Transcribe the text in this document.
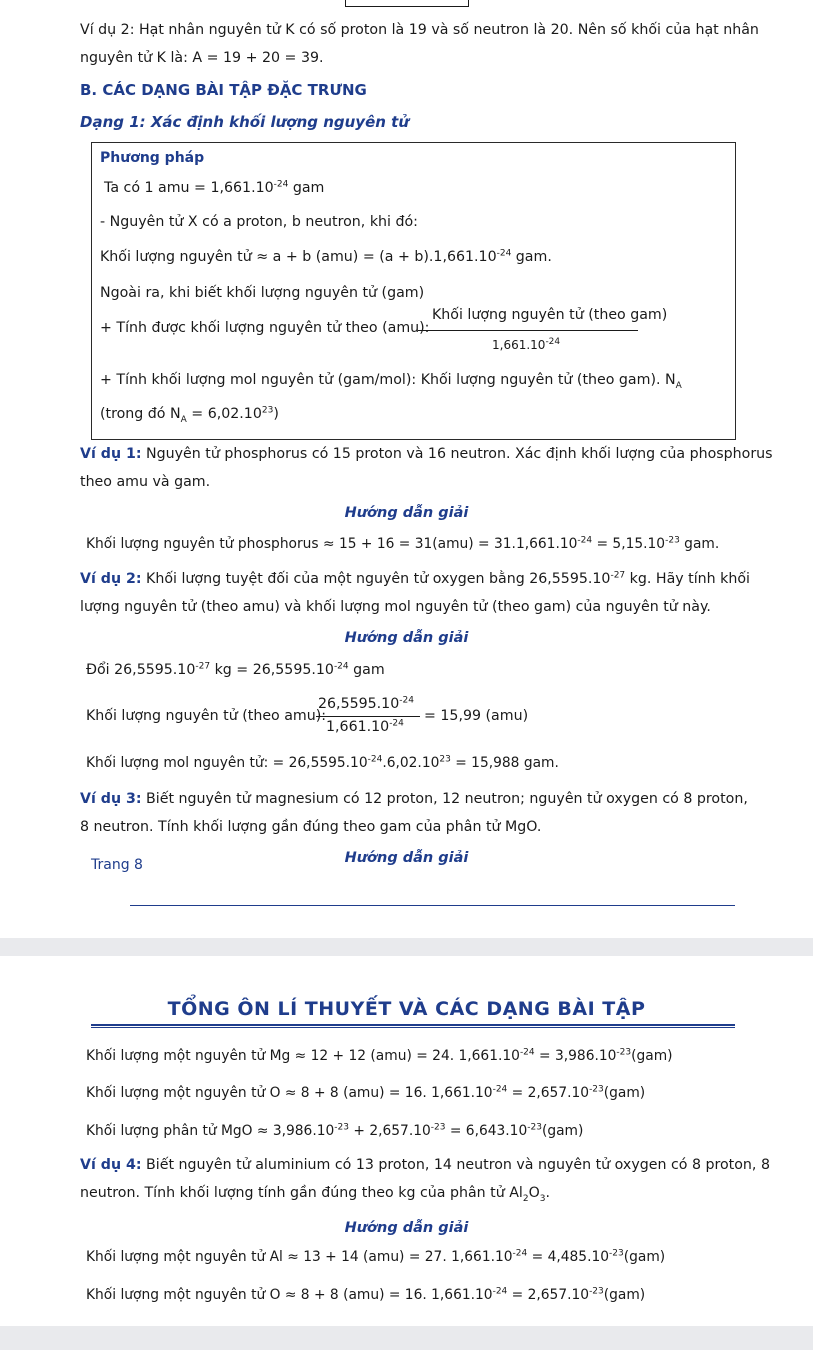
Ví dụ 2: Hạt nhân nguyên tử K có số proton là 19 và số neutron là 20. Nên số khối của hạt nhân

nguyên tử K là: A = 19 + 20 = 39.

B. CÁC DẠNG BÀI TẬP ĐẶC TRƯNG

Dạng 1: Xác định khối lượng nguyên tử

Phương pháp

Ta có 1 amu = $1,661.10^{-24}$ gam

- Nguyên tử X có a proton, b neutron, khi đó:

Khối lượng nguyên tử ≈ a + b $(amu) = (a + b).1,661.10^{-24}$ gam.

Ngoài ra, khi biết khối lượng nguyên tử (gam)

+ Tính được khối lượng nguyên tử theo (amu):

Khối lượng nguyên tử (theo gam)

$1,661.10^{-24}$

+ Tính khối lượng mol nguyên tử (gam/mol): Khối lượng nguyên tử (theo gam). $N_A$

(trong đó $N_A = 6,02.10^{23}$)

Ví dụ 1: Nguyên tử phosphorus có 15 proton và 16 neutron. Xác định khối lượng của phosphorus

theo amu và gam.

Hướng dẫn giải

Khối lượng nguyên tử phosphorus ≈ $15 + 16 = 31(amu) = 31.1,661.10^{-24} = 5,15.10^{-23}$ gam.

Ví dụ 2: Khối lượng tuyệt đối của một nguyên tử oxygen bằng $26,5595.10^{-27}$ kg. Hãy tính khối

lượng nguyên tử (theo amu) và khối lượng mol nguyên tử (theo gam) của nguyên tử này.

Hướng dẫn giải

Đổi $26,5595.10^{-27}$ kg = $26,5595.10^{-24}$ gam

Khối lượng nguyên tử (theo amu):

$26,5595.10^{-24}$

$1,661.10^{-24} = 15,99$ (amu)

Khối lượng mol nguyên tử: = $26,5595.10^{-24}.6,02.10^{23} = 15,988$ gam.

Ví dụ 3: Biết nguyên tử magnesium có 12 proton, 12 neutron; nguyên tử oxygen có 8 proton,

8 neutron. Tính khối lượng gần đúng theo gam của phân tử MgO.

Hướng dẫn giải

Trang 8

TỔNG ÔN LÍ THUYẾT VÀ CÁC DẠNG BÀI TẬP

Khối lượng một nguyên tử Mg ≈ 12 + 12 (amu) = 24. $1,661.10^{-24} = 3,986.10^{-23}(gam)$

Khối lượng một nguyên tử O ≈ 8 + 8 (amu) = 16. $1,661.10^{-24} = 2,657.10^{-23}(gam)$

Khối lượng phân tử MgO ≈ $3,986.10^{-23} + 2,657.10^{-23} = 6,643.10^{-23}(gam)$

Ví dụ 4: Biết nguyên tử aluminium có 13 proton, 14 neutron và nguyên tử oxygen có 8 proton, 8

neutron. Tính khối lượng tính gần đúng theo kg của phân tử $Al_2O_3$.

Hướng dẫn giải

Khối lượng một nguyên tử Al ≈ 13 + 14 (amu) = 27. $1,661.10^{-24} = 4,485.10^{-23}(gam)$

Khối lượng một nguyên tử O ≈ 8 + 8 (amu) = 16. $1,661.10^{-24} = 2,657.10^{-23}(gam)$
